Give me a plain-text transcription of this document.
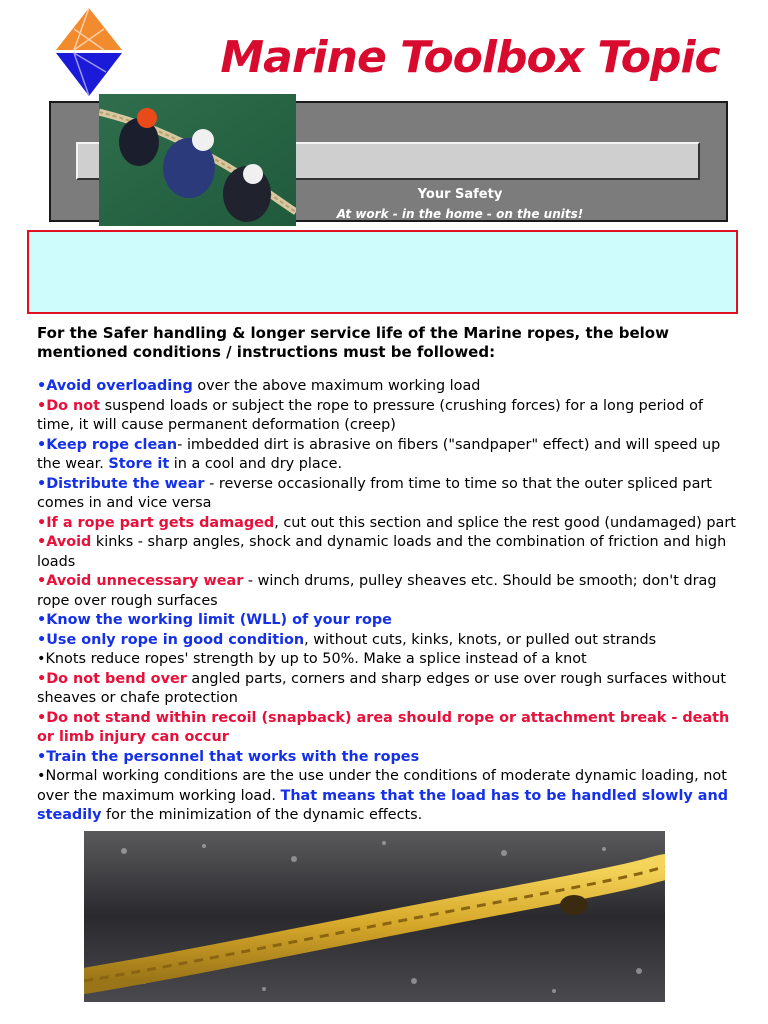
Marine Toolbox Topic

Your Safety

At work - in the home - on the units!

For the Safer handling & longer service life of the Marine ropes, the below mentioned conditions / instructions must be followed:

•Avoid overloading over the above maximum working load
•Do not suspend loads or subject the rope to pressure (crushing forces) for a long period of time, it will cause permanent deformation (creep)
•Keep rope clean- imbedded dirt is abrasive on fibers ("sandpaper" effect) and will speed up the wear. Store it in a cool and dry place.
•Distribute the wear - reverse occasionally from time to time so that the outer spliced part comes in and vice versa
•If a rope part gets damaged, cut out this section and splice the rest good (undamaged) part
•Avoid kinks - sharp angles, shock and dynamic loads and the combination of friction and high loads
•Avoid unnecessary wear - winch drums, pulley sheaves etc. Should be smooth; don't drag rope over rough surfaces
•Know the working limit (WLL) of your rope
•Use only rope in good condition, without cuts, kinks, knots, or pulled out strands
•Knots reduce ropes' strength by up to 50%. Make a splice instead of a knot
•Do not bend over angled parts, corners and sharp edges or use over rough surfaces without sheaves or chafe protection
•Do not stand within recoil (snapback) area should rope or attachment break - death or limb injury can occur
•Train the personnel that works with the ropes
•Normal working conditions are the use under the conditions of moderate dynamic loading, not over the maximum working load. That means that the load has to be handled slowly and steadily for the minimization of the dynamic effects.
